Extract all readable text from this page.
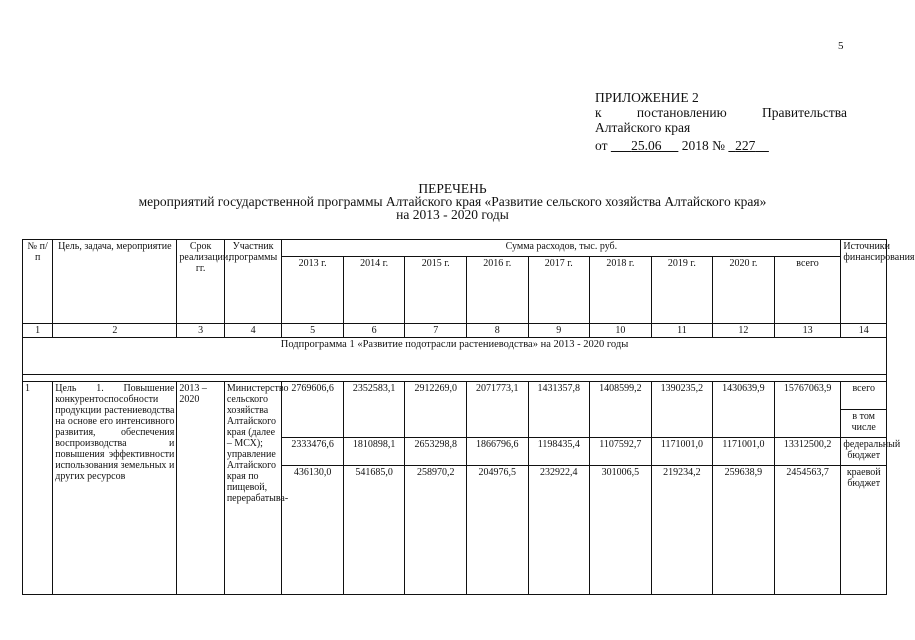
5
ПРИЛОЖЕНИЕ 2
к	постановлению	Правительства
Алтайского края
от 25.06 2018 № 227
ПЕРЕЧЕНЬ
мероприятий государственной программы Алтайского края «Развитие сельского хозяйства Алтайского края»
на 2013 - 2020 годы
№ п/п	Цель, задача, мероприятие	Срок реализации, гг.	Участник программы	Сумма расходов, тыс. руб.									Источники финансирования
				2013 г.	2014 г.	2015 г.	2016 г.	2017 г.	2018 г.	2019 г.	2020 г.	всего	
1	2	3	4	5	6	7	8	9	10	11	12	13	14
Подпрограмма 1 «Развитие подотрасли растениеводства» на 2013 - 2020 годы													

1	Цель 1. Повышение конкурентоспособности продукции растениеводства на основе его интенсивного развития, обеспечения воспроизводства и повышения эффективности использования земельных и других ресурсов	2013 – 2020	Министерство сельского хозяйства Алтайского края (далее – МСХ); управление Алтайского края по пищевой, перерабатыва-	2769606,6	2352583,1	2912269,0	2071773,1	1431357,8	1408599,2	1390235,2	1430639,9	15767063,9	всего
													в том числе
				2333476,6	1810898,1	2653298,8	1866796,6	1198435,4	1107592,7	1171001,0	1171001,0	13312500,2	федеральный бюджет
				436130,0	541685,0	258970,2	204976,5	232922,4	301006,5	219234,2	259638,9	2454563,7	краевой бюджет
